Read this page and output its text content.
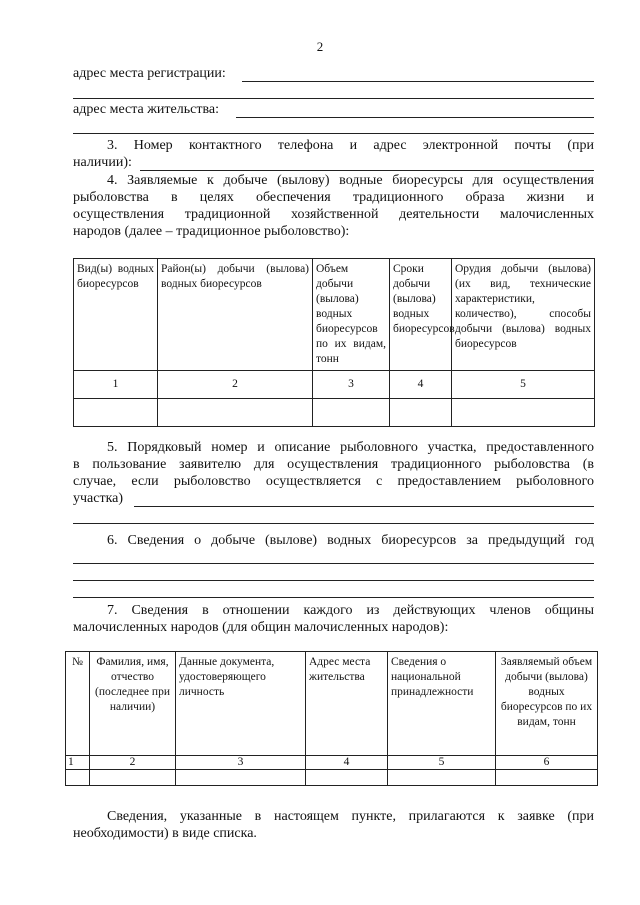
2
адрес места регистрации:
адрес места жительства:
3. Номер контактного телефона и адрес электронной почты (при
наличии):
4. Заявляемые к добыче (вылову) водные биоресурсы для осуществления
рыболовства в целях обеспечения традиционного образа жизни и
осуществления традиционной хозяйственной деятельности малочисленных
народов (далее – традиционное рыболовство):
Вид(ы) водных биоресурсов	Район(ы) добычи (вылова) водных биоресурсов	Объем добычи (вылова) водных биоресурсов по их видам, тонн	Сроки добычи (вылова) водных биоресурсов	Орудия добычи (вылова) (их вид, технические характеристики, количество), способы добычи (вылова) водных биоресурсов
1	2	3	4	5

5. Порядковый номер и описание рыболовного участка, предоставленного
в пользование заявителю для осуществления традиционного рыболовства (в
случае, если рыболовство осуществляется с предоставлением рыболовного
участка)
6. Сведения о добыче (вылове) водных биоресурсов за предыдущий год
7. Сведения в отношении каждого из действующих членов общины
малочисленных народов (для общин малочисленных народов):
№	Фамилия, имя, отчество (последнее при наличии)	Данные документа, удостоверяющего личность	Адрес места жительства	Сведения о национальной принадлежности	Заявляемый объем добычи (вылова) водных биоресурсов по их видам, тонн
1	2	3	4	5	6

Сведения, указанные в настоящем пункте, прилагаются к заявке (при
необходимости) в виде списка.
